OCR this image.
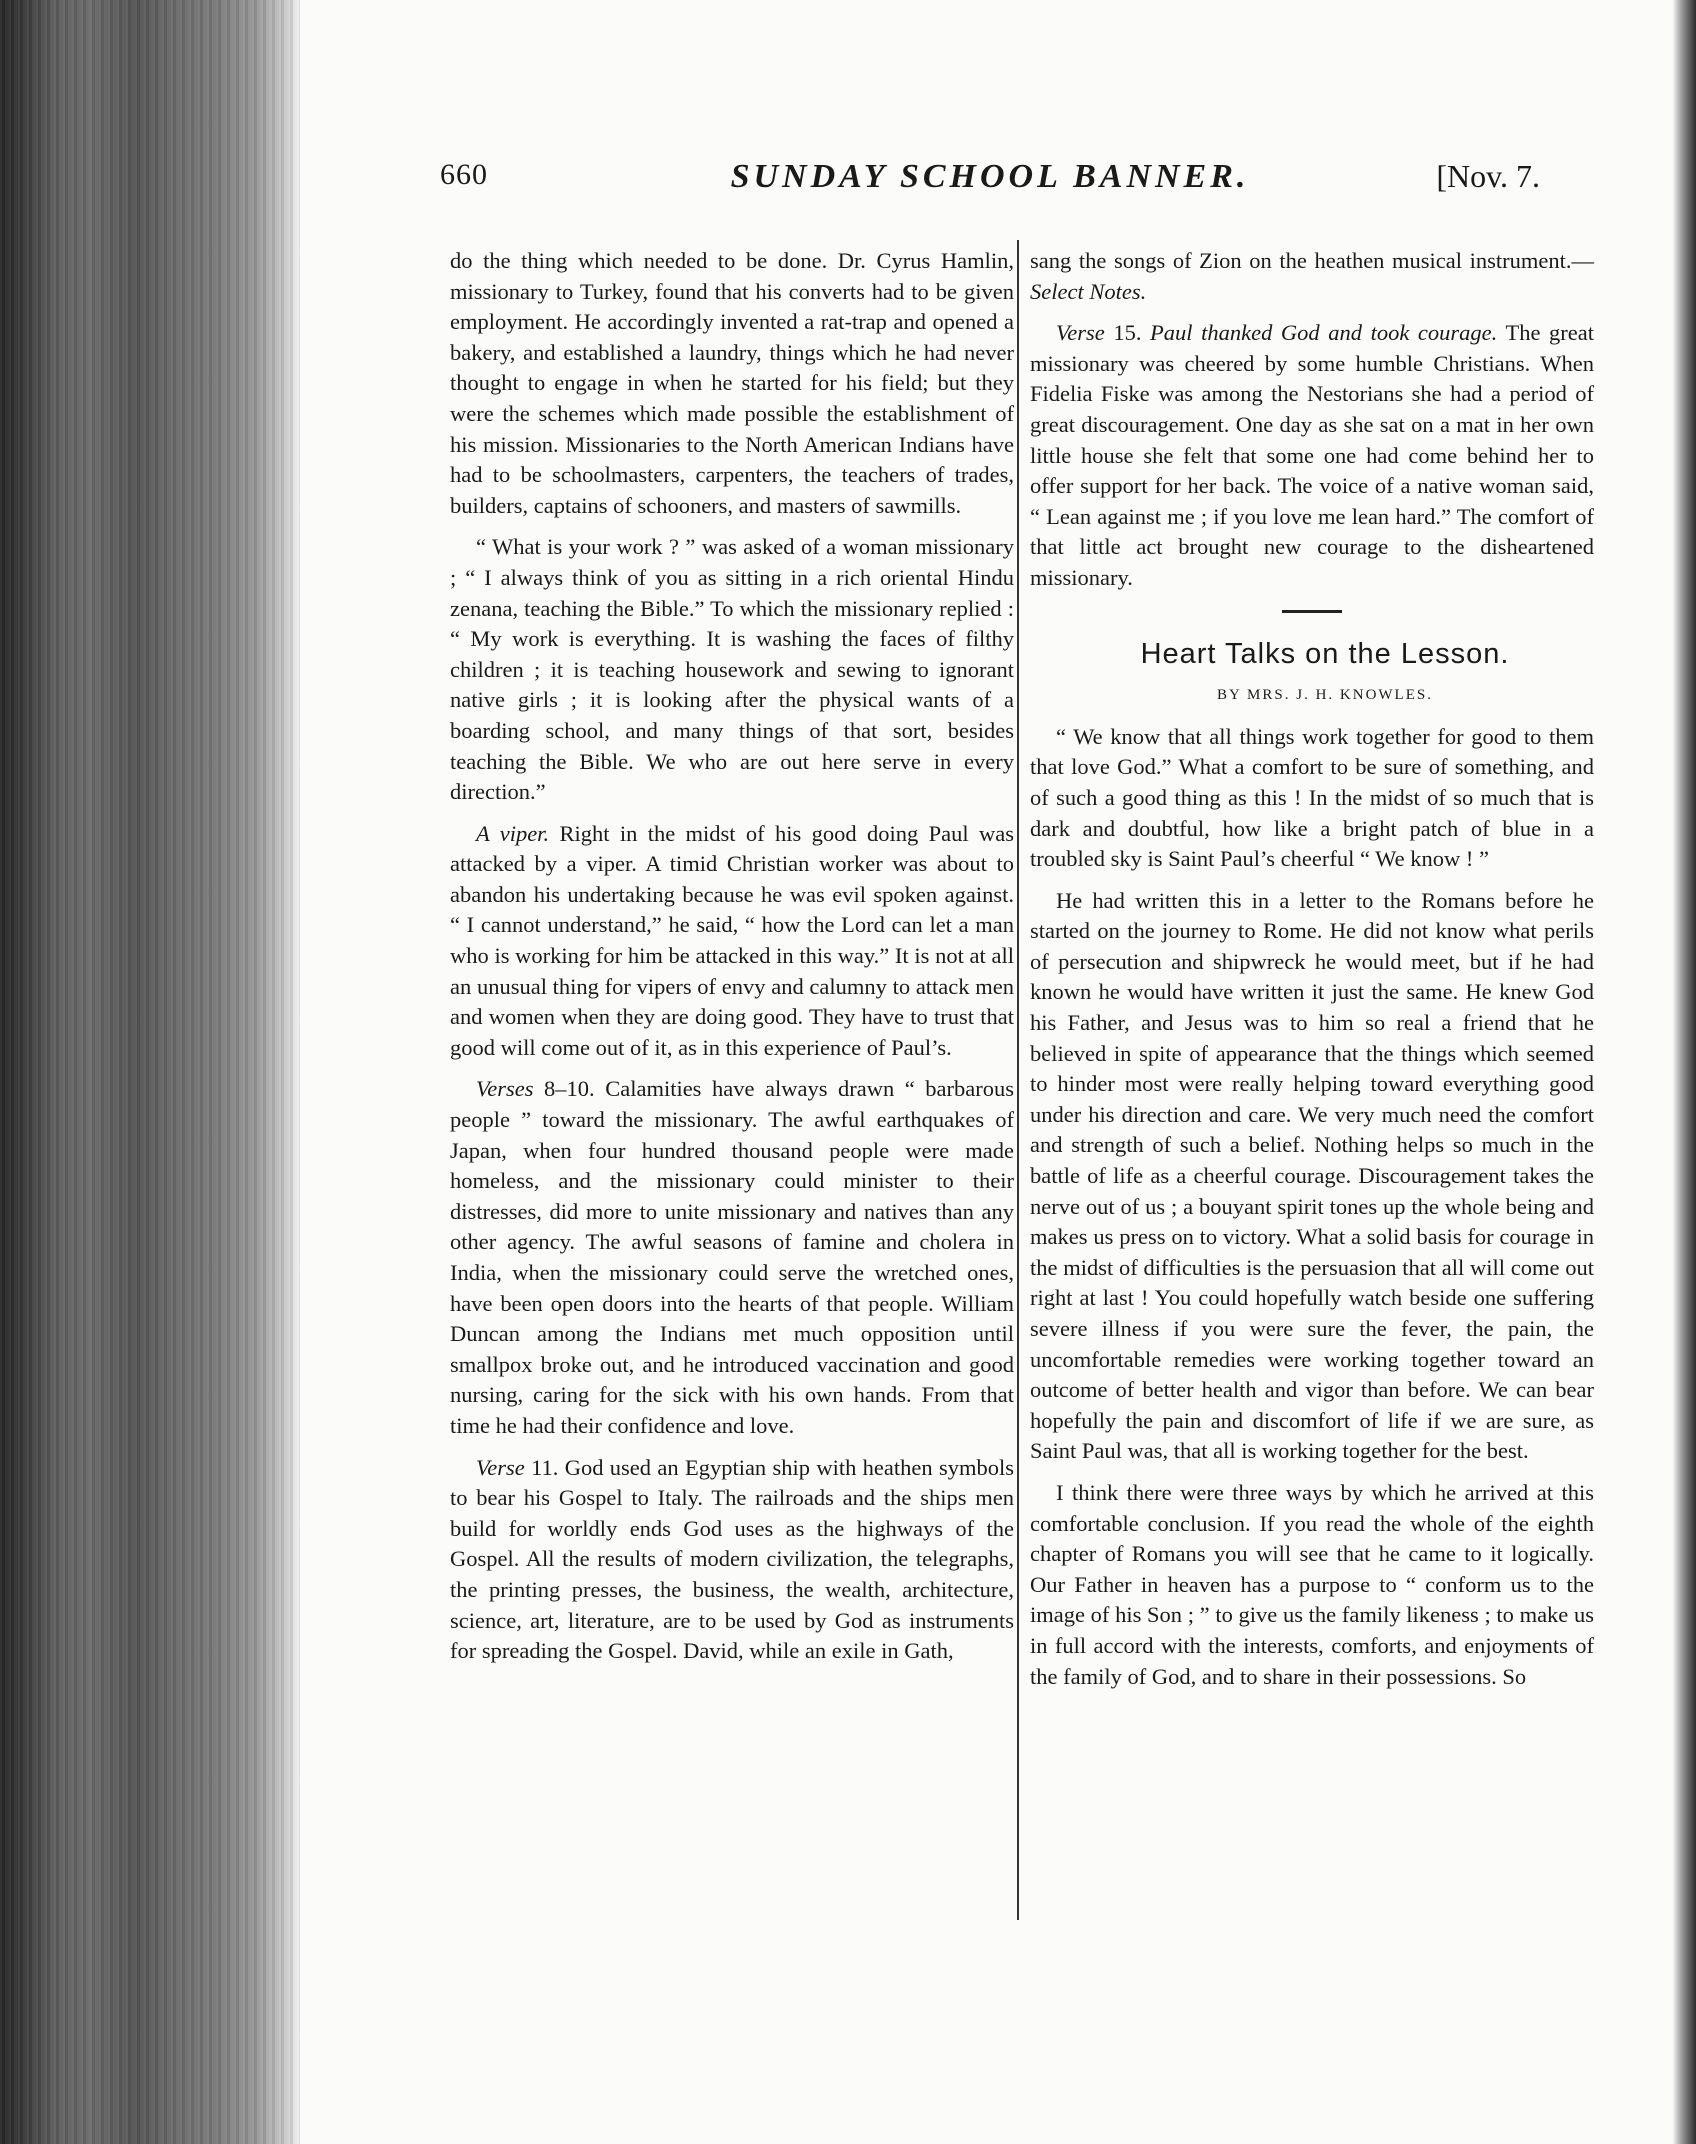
660	SUNDAY SCHOOL BANNER.	[Nov. 7.

do the thing which needed to be done. Dr. Cyrus Hamlin, missionary to Turkey, found that his converts had to be given employment. He accordingly invented a rat-trap and opened a bakery, and established a laundry, things which he had never thought to engage in when he started for his field; but they were the schemes which made possible the establishment of his mission. Missionaries to the North American Indians have had to be schoolmasters, carpenters, the teachers of trades, builders, captains of schooners, and masters of sawmills.

“ What is your work ? ” was asked of a woman missionary ; “ I always think of you as sitting in a rich oriental Hindu zenana, teaching the Bible.” To which the missionary replied : “ My work is everything. It is washing the faces of filthy children ; it is teaching housework and sewing to ignorant native girls ; it is looking after the physical wants of a boarding school, and many things of that sort, besides teaching the Bible. We who are out here serve in every direction.”

A viper. Right in the midst of his good doing Paul was attacked by a viper. A timid Christian worker was about to abandon his undertaking because he was evil spoken against. “ I cannot understand,” he said, “ how the Lord can let a man who is working for him be attacked in this way.” It is not at all an unusual thing for vipers of envy and calumny to attack men and women when they are doing good. They have to trust that good will come out of it, as in this experience of Paul’s.

Verses 8–10. Calamities have always drawn “ barbarous people ” toward the missionary. The awful earthquakes of Japan, when four hundred thousand people were made homeless, and the missionary could minister to their distresses, did more to unite missionary and natives than any other agency. The awful seasons of famine and cholera in India, when the missionary could serve the wretched ones, have been open doors into the hearts of that people. William Duncan among the Indians met much opposition until smallpox broke out, and he introduced vaccination and good nursing, caring for the sick with his own hands. From that time he had their confidence and love.

Verse 11. God used an Egyptian ship with heathen symbols to bear his Gospel to Italy. The railroads and the ships men build for worldly ends God uses as the highways of the Gospel. All the results of modern civilization, the telegraphs, the printing presses, the business, the wealth, architecture, science, art, literature, are to be used by God as instruments for spreading the Gospel. David, while an exile in Gath,

sang the songs of Zion on the heathen musical instrument.—Select Notes.

Verse 15. Paul thanked God and took courage. The great missionary was cheered by some humble Christians. When Fidelia Fiske was among the Nestorians she had a period of great discouragement. One day as she sat on a mat in her own little house she felt that some one had come behind her to offer support for her back. The voice of a native woman said, “ Lean against me ; if you love me lean hard.” The comfort of that little act brought new courage to the disheartened missionary.

Heart Talks on the Lesson.

BY MRS. J. H. KNOWLES.

“ We know that all things work together for good to them that love God.” What a comfort to be sure of something, and of such a good thing as this ! In the midst of so much that is dark and doubtful, how like a bright patch of blue in a troubled sky is Saint Paul’s cheerful “ We know ! ”

He had written this in a letter to the Romans before he started on the journey to Rome. He did not know what perils of persecution and shipwreck he would meet, but if he had known he would have written it just the same. He knew God his Father, and Jesus was to him so real a friend that he believed in spite of appearance that the things which seemed to hinder most were really helping toward everything good under his direction and care. We very much need the comfort and strength of such a belief. Nothing helps so much in the battle of life as a cheerful courage. Discouragement takes the nerve out of us ; a bouyant spirit tones up the whole being and makes us press on to victory. What a solid basis for courage in the midst of difficulties is the persuasion that all will come out right at last ! You could hopefully watch beside one suffering severe illness if you were sure the fever, the pain, the uncomfortable remedies were working together toward an outcome of better health and vigor than before. We can bear hopefully the pain and discomfort of life if we are sure, as Saint Paul was, that all is working together for the best.

I think there were three ways by which he arrived at this comfortable conclusion. If you read the whole of the eighth chapter of Romans you will see that he came to it logically. Our Father in heaven has a purpose to “ conform us to the image of his Son ; ” to give us the family likeness ; to make us in full accord with the interests, comforts, and enjoyments of the family of God, and to share in their possessions. So
